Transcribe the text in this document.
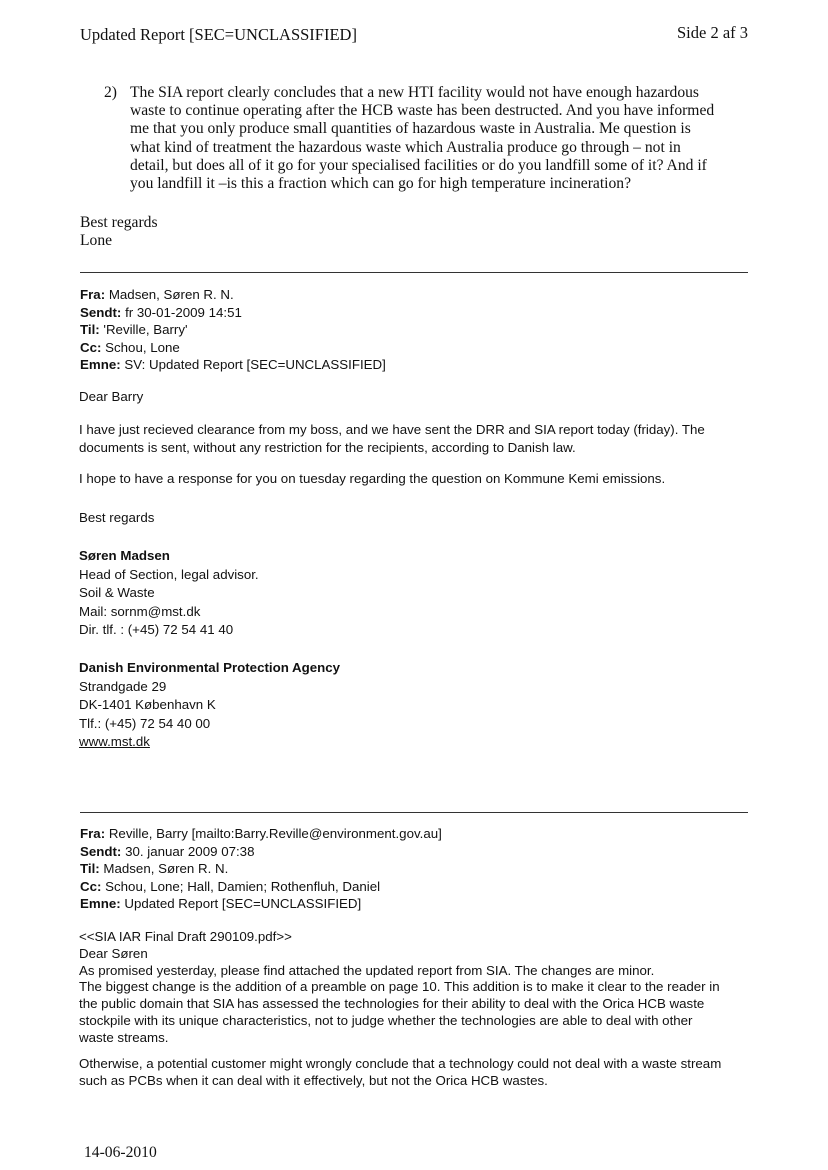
Updated Report [SEC=UNCLASSIFIED]	Side 2 af 3
2) The SIA report clearly concludes that a new HTI facility would not have enough hazardous
waste to continue operating after the HCB waste has been destructed. And you have informed
me that you only produce small quantities of hazardous waste in Australia. Me question is
what kind of treatment the hazardous waste which Australia produce go through – not in
detail, but does all of it go for your specialised facilities or do you landfill some of it? And if
you landfill it –is this a fraction which can go for high temperature incineration?
Best regards
Lone
Fra: Madsen, Søren R. N.
Sendt: fr 30-01-2009 14:51
Til: 'Reville, Barry'
Cc: Schou, Lone
Emne: SV: Updated Report [SEC=UNCLASSIFIED]
Dear Barry
I have just recieved clearance from my boss, and we have sent the DRR and SIA report today (friday). The
documents is sent, without any restriction for the recipients, according to Danish law.
I hope to have a response for you on tuesday regarding the question on Kommune Kemi emissions.
Best regards
Søren Madsen
Head of Section, legal advisor.
Soil & Waste
Mail: sornm@mst.dk
Dir. tlf. : (+45) 72 54 41 40
Danish Environmental Protection Agency
Strandgade 29
DK-1401 København K
Tlf.: (+45) 72 54 40 00
www.mst.dk
Fra: Reville, Barry [mailto:Barry.Reville@environment.gov.au]
Sendt: 30. januar 2009 07:38
Til: Madsen, Søren R. N.
Cc: Schou, Lone; Hall, Damien; Rothenfluh, Daniel
Emne: Updated Report [SEC=UNCLASSIFIED]
<<SIA IAR Final Draft 290109.pdf>>
Dear Søren
As promised yesterday, please find attached the updated report from SIA. The changes are minor.
The biggest change is the addition of a preamble on page 10. This addition is to make it clear to the reader in
the public domain that SIA has assessed the technologies for their ability to deal with the Orica HCB waste
stockpile with its unique characteristics, not to judge whether the technologies are able to deal with other
waste streams.
Otherwise, a potential customer might wrongly conclude that a technology could not deal with a waste stream
such as PCBs when it can deal with it effectively, but not the Orica HCB wastes.
14-06-2010
